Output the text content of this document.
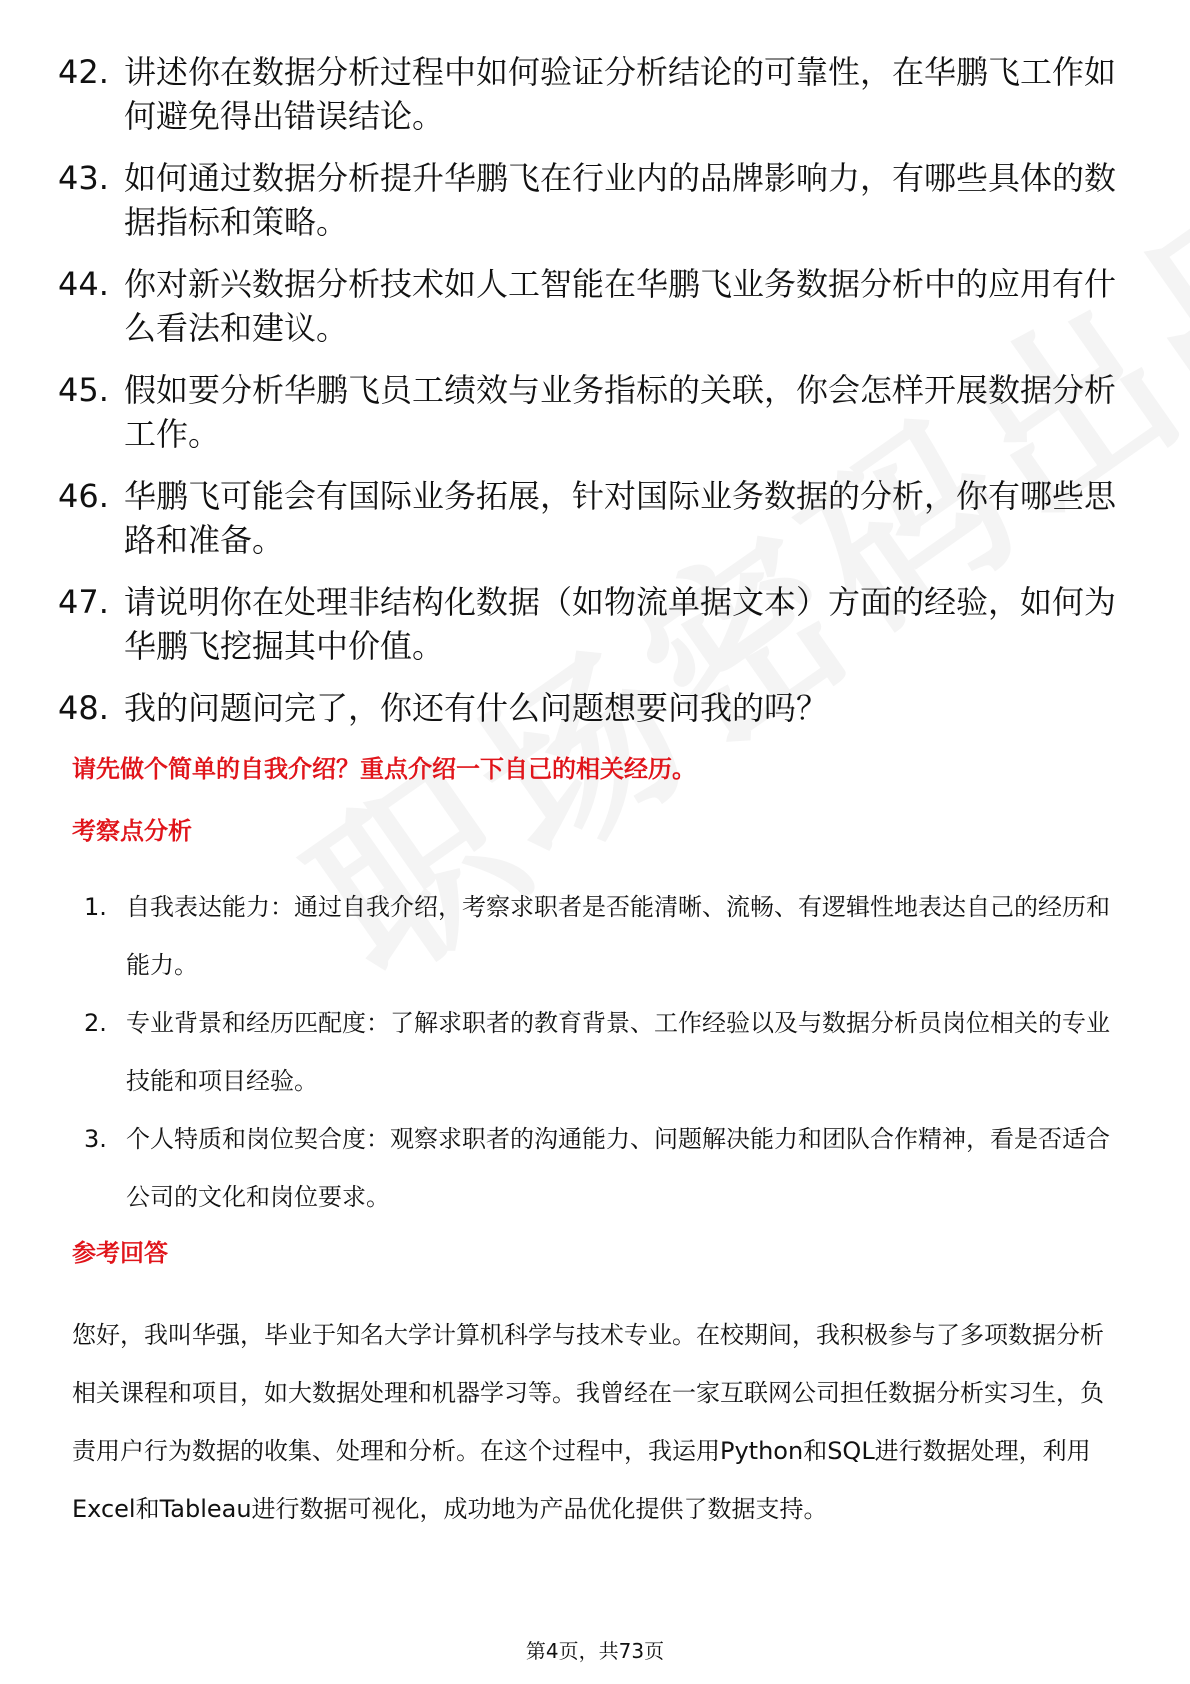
42. 讲述你在数据分析过程中如何验证分析结论的可靠性，在华鹏飞工作如何避免得出错误结论。
43. 如何通过数据分析提升华鹏飞在行业内的品牌影响力，有哪些具体的数据指标和策略。
44. 你对新兴数据分析技术如人工智能在华鹏飞业务数据分析中的应用有什么看法和建议。
45. 假如要分析华鹏飞员工绩效与业务指标的关联，你会怎样开展数据分析工作。
46. 华鹏飞可能会有国际业务拓展，针对国际业务数据的分析，你有哪些思路和准备。
47. 请说明你在处理非结构化数据（如物流单据文本）方面的经验，如何为华鹏飞挖掘其中价值。
48. 我的问题问完了，你还有什么问题想要问我的吗？
请先做个简单的自我介绍？重点介绍一下自己的相关经历。
考察点分析
1. 自我表达能力：通过自我介绍，考察求职者是否能清晰、流畅、有逻辑性地表达自己的经历和能力。
2. 专业背景和经历匹配度：了解求职者的教育背景、工作经验以及与数据分析员岗位相关的专业技能和项目经验。
3. 个人特质和岗位契合度：观察求职者的沟通能力、问题解决能力和团队合作精神，看是否适合公司的文化和岗位要求。
参考回答
您好，我叫华强，毕业于知名大学计算机科学与技术专业。在校期间，我积极参与了多项数据分析相关课程和项目，如大数据处理和机器学习等。我曾经在一家互联网公司担任数据分析实习生，负责用户行为数据的收集、处理和分析。在这个过程中，我运用Python和SQL进行数据处理，利用Excel和Tableau进行数据可视化，成功地为产品优化提供了数据支持。
第4页，共73页
